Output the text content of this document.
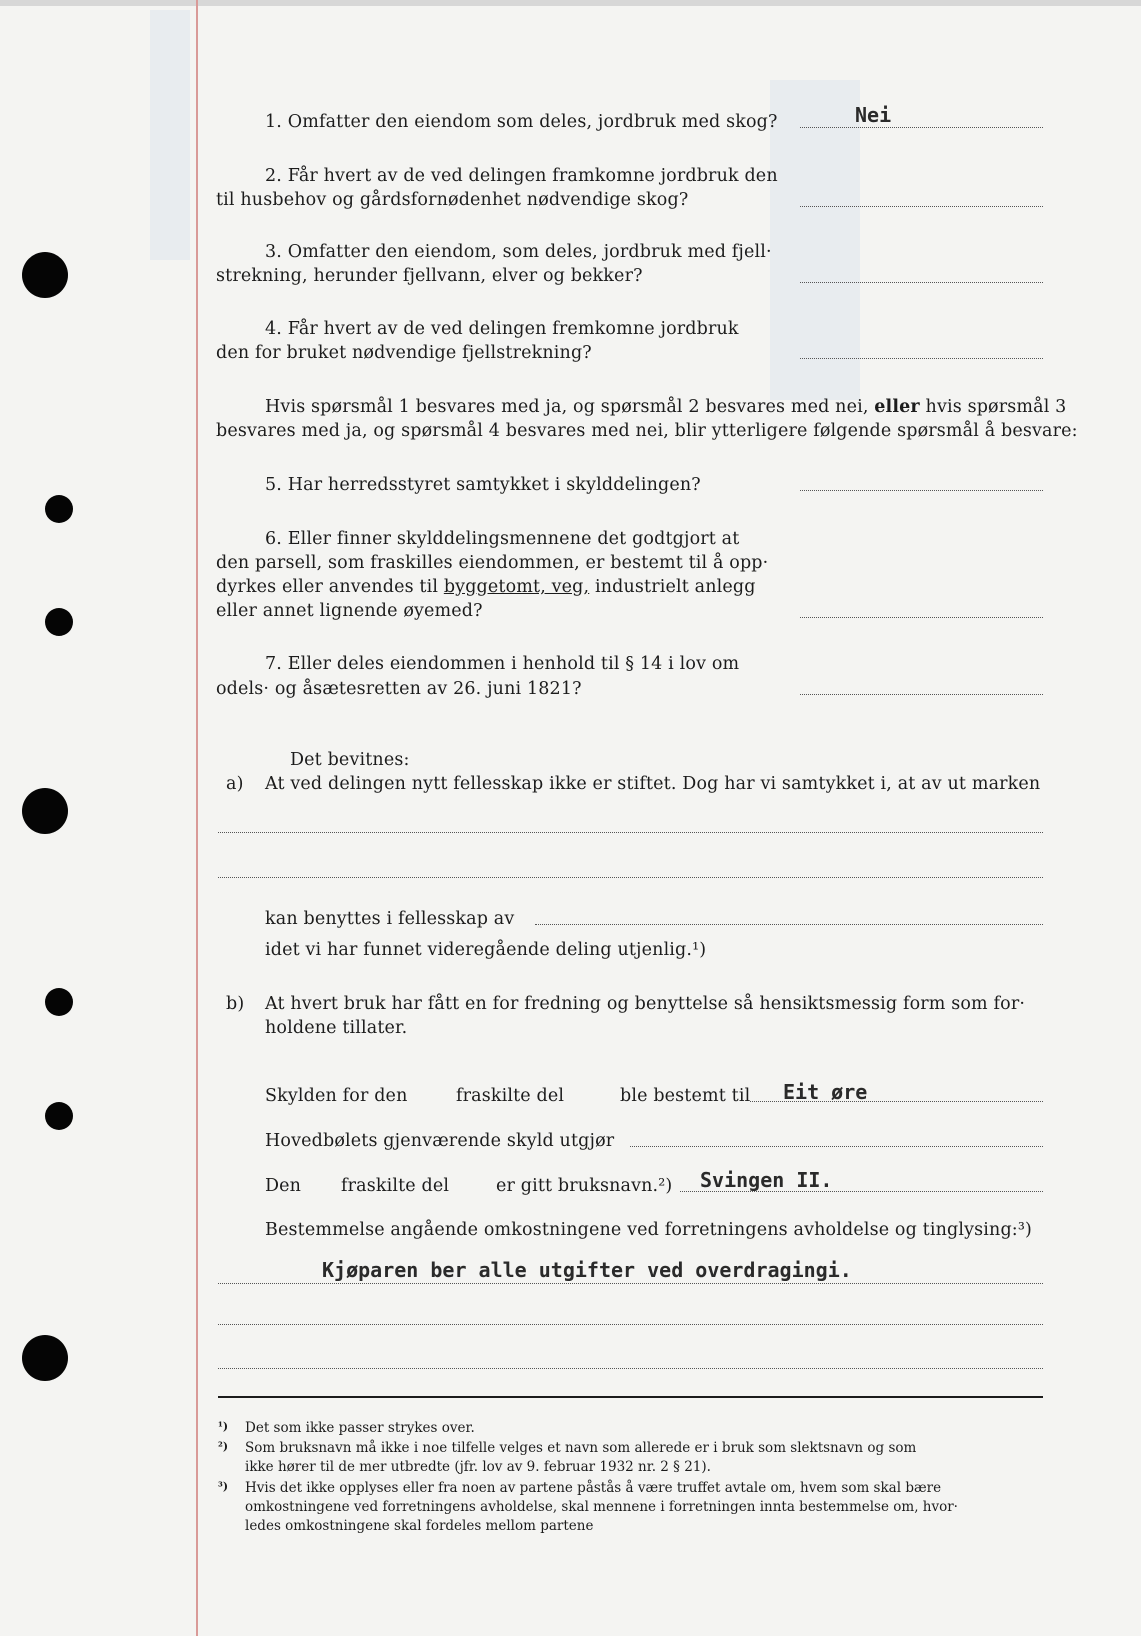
1. Omfatter den eiendom som deles, jordbruk med skog?	Nei
2. Får hvert av de ved delingen framkomne jordbruk den
til husbehov og gårdsfornødenhet nødvendige skog?
3. Omfatter den eiendom, som deles, jordbruk med fjell·
strekning, herunder fjellvann, elver og bekker?
4. Får hvert av de ved delingen fremkomne jordbruk
den for bruket nødvendige fjellstrekning?
Hvis spørsmål 1 besvares med ja, og spørsmål 2 besvares med nei, eller hvis spørsmål 3
besvares med ja, og spørsmål 4 besvares med nei, blir ytterligere følgende spørsmål å besvare:
5. Har herredsstyret samtykket i skylddelingen?
6. Eller finner skylddelingsmennene det godtgjort at
den parsell, som fraskilles eiendommen, er bestemt til å opp·
dyrkes eller anvendes til byggetomt, veg, industrielt anlegg
eller annet lignende øyemed?
7. Eller deles eiendommen i henhold til § 14 i lov om
odels· og åsætesretten av 26. juni 1821?
Det bevitnes:
a) At ved delingen nytt fellesskap ikke er stiftet. Dog har vi samtykket i, at av ut marken
kan benyttes i fellesskap av
idet vi har funnet videregående deling utjenlig.¹)
b) At hvert bruk har fått en for fredning og benyttelse så hensiktsmessig form som for·
holdene tillater.
Skylden for den	fraskilte del	ble bestemt til Eit øre
Hovedbølets gjenværende skyld utgjør
Den fraskilte del	er gitt bruksnavn.²) Svingen II.
Bestemmelse angående omkostningene ved forretningens avholdelse og tinglysing:³)
Kjøparen ber alle utgifter ved overdragingi.
¹) Det som ikke passer strykes over.
²) Som bruksnavn må ikke i noe tilfelle velges et navn som allerede er i bruk som slektsnavn og som
ikke hører til de mer utbredte (jfr. lov av 9. februar 1932 nr. 2 § 21).
³) Hvis det ikke opplyses eller fra noen av partene påstås å være truffet avtale om, hvem som skal bære
omkostningene ved forretningens avholdelse, skal mennene i forretningen innta bestemmelse om, hvor·
ledes omkostningene skal fordeles mellom partene
